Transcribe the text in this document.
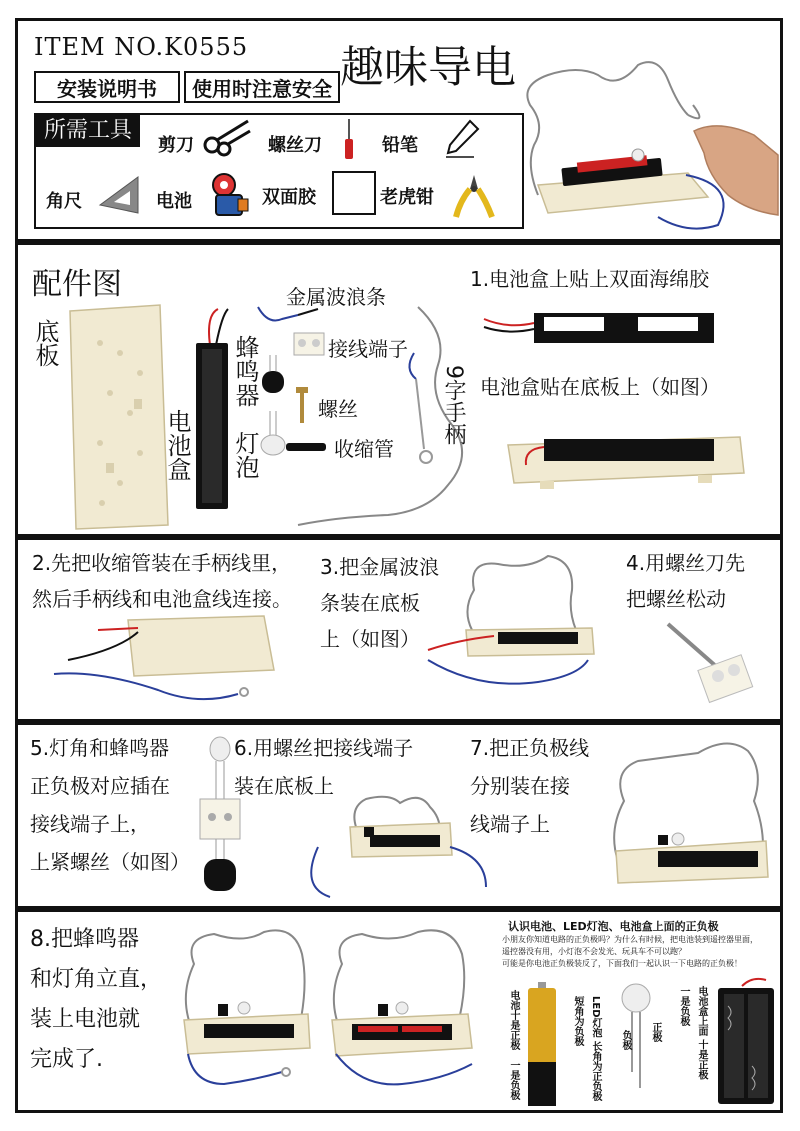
ITEM NO.K0555 趣味导电
安装说明书	使用时注意安全
所需工具
剪刀	螺丝刀	铅笔
角尺	电池	双面胶	老虎钳
配件图
底板
电池盒
蜂鸣器
灯泡
金属波浪条
接线端子
螺丝
收缩管
9字手柄
1.电池盒上贴上双面海绵胶
电池盒贴在底板上（如图）
2.先把收缩管装在手柄线里，
然后手柄线和电池盒线连接。
3.把金属波浪
条装在底板
上（如图）
4.用螺丝刀先
把螺丝松动
5.灯角和蜂鸣器
正负极对应插在
接线端子上，
上紧螺丝（如图）
6.用螺丝把接线端子
装在底板上
7.把正负极线
分别装在接
线端子上
8.把蜂鸣器
和灯角立直，
装上电池就
完成了.
认识电池、LED灯泡、电池盒上面的正负极
小朋友你知道电路的正负极吗？为什么有时候，把电池装到遥控器里面，
遥控器没有用，小灯泡不会发光、玩具车不可以跑？
可能是你电池正负极装反了，下面我们一起认识一下电路的正负极！
电池十是正极
一是负极
短角为负极 LED灯泡 长角为正负极 负极 正极
一是负极 电池盒上面 十是正极
